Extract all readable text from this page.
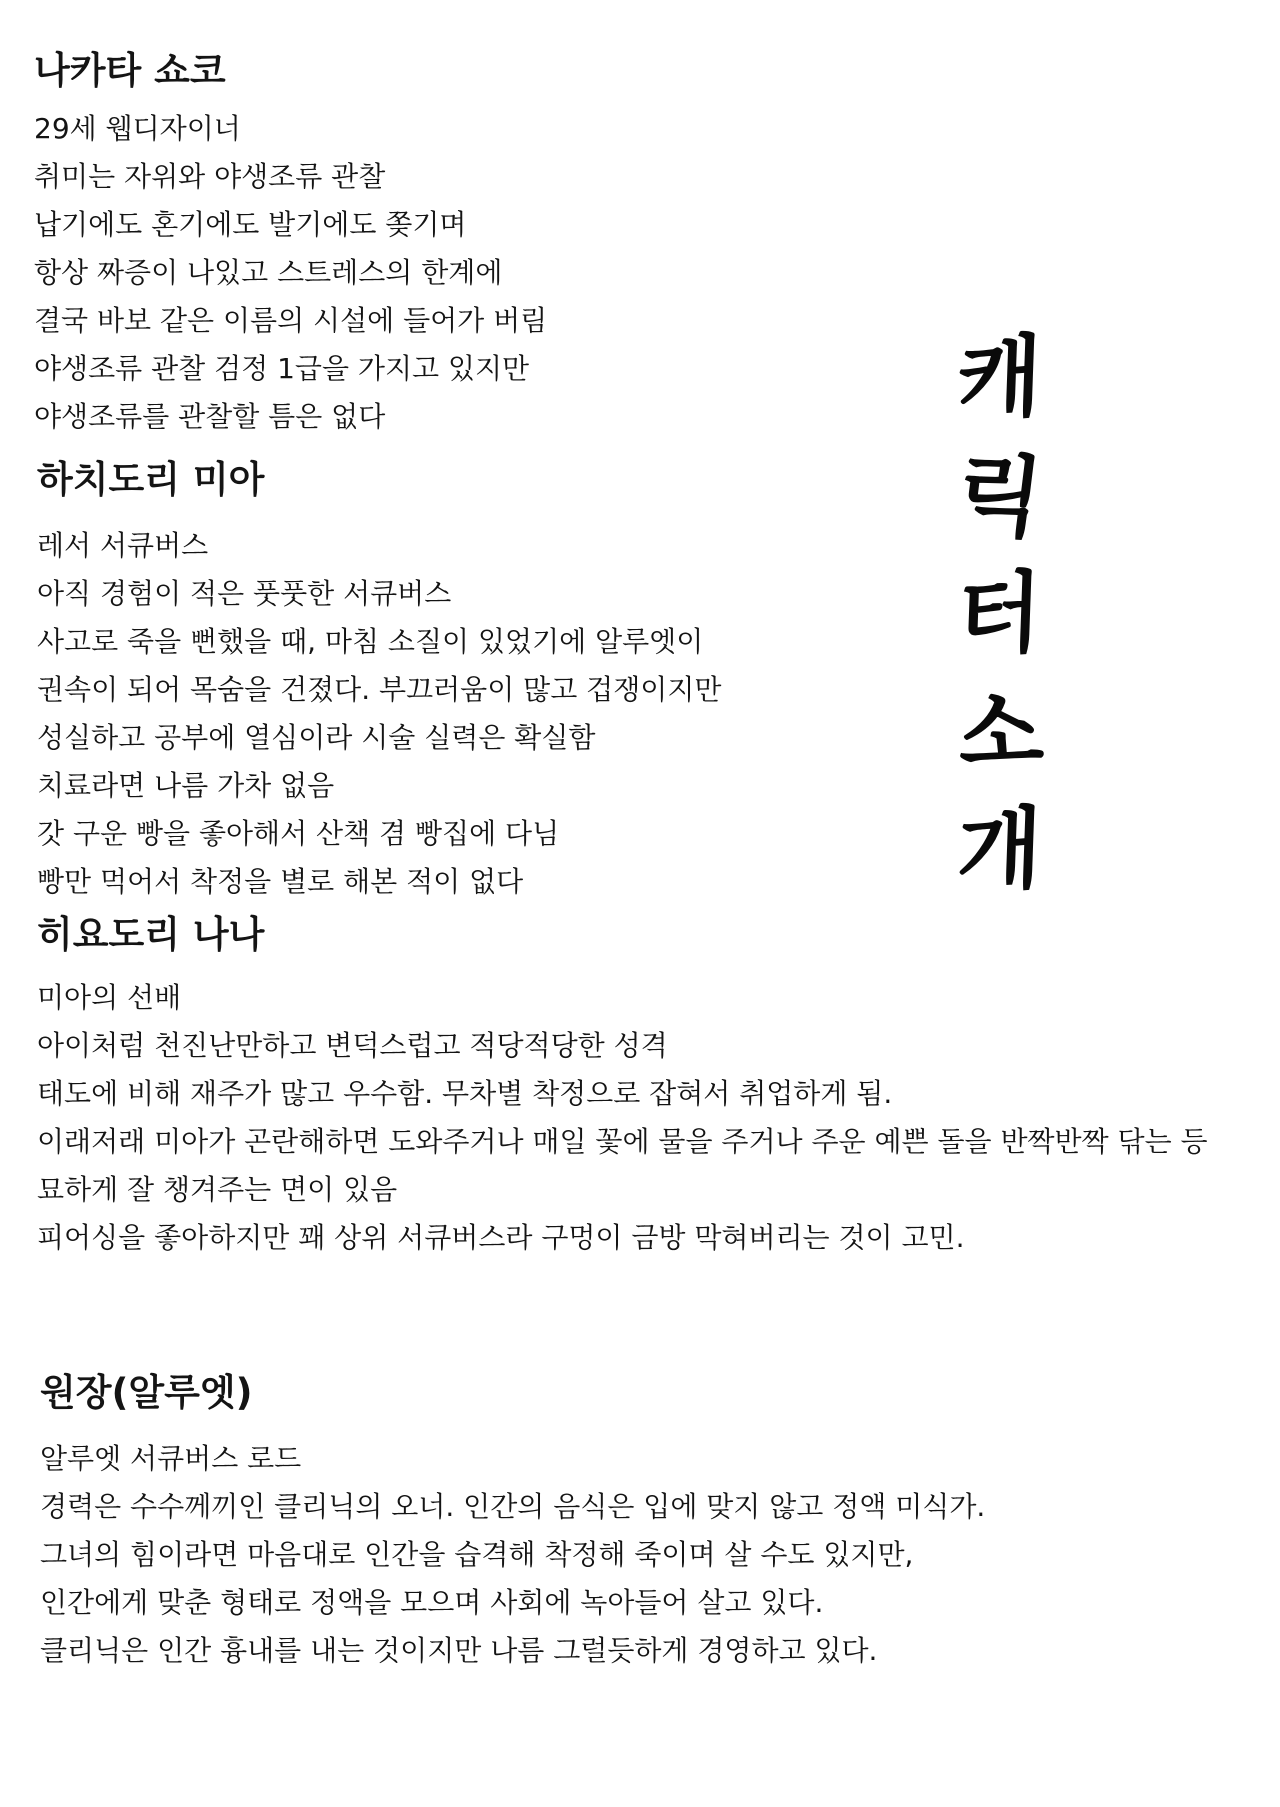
나카타 쇼코

29세 웹디자이너

취미는 자위와 야생조류 관찰

납기에도 혼기에도 발기에도 쫒기며

항상 짜증이 나있고 스트레스의 한계에

결국 바보 같은 이름의 시설에 들어가 버림

야생조류 관찰 검정 1급을 가지고 있지만

야생조류를 관찰할 틈은 없다

하치도리 미아

레서 서큐버스

아직 경험이 적은 풋풋한 서큐버스

사고로 죽을 뻔했을 때, 마침 소질이 있었기에 알루엣이

권속이 되어 목숨을 건졌다. 부끄러움이 많고 겁쟁이지만

성실하고 공부에 열심이라 시술 실력은 확실함

치료라면 나름 가차 없음

갓 구운 빵을 좋아해서 산책 겸 빵집에 다님

빵만 먹어서 착정을 별로 해본 적이 없다

히요도리 나나

미아의 선배

아이처럼 천진난만하고 변덕스럽고 적당적당한 성격

태도에 비해 재주가 많고 우수함. 무차별 착정으로 잡혀서 취업하게 됨.

이래저래 미아가 곤란해하면 도와주거나 매일 꽃에 물을 주거나 주운 예쁜 돌을 반짝반짝 닦는 등

묘하게 잘 챙겨주는 면이 있음

피어싱을 좋아하지만 꽤 상위 서큐버스라 구멍이 금방 막혀버리는 것이 고민.

원장(알루엣)

알루엣 서큐버스 로드

경력은 수수께끼인 클리닉의 오너. 인간의 음식은 입에 맞지 않고 정액 미식가.

그녀의 힘이라면 마음대로 인간을 습격해 착정해 죽이며 살 수도 있지만,

인간에게 맞춘 형태로 정액을 모으며 사회에 녹아들어 살고 있다.

클리닉은 인간 흉내를 내는 것이지만 나름 그럴듯하게 경영하고 있다.

캐
릭
터
소
개
